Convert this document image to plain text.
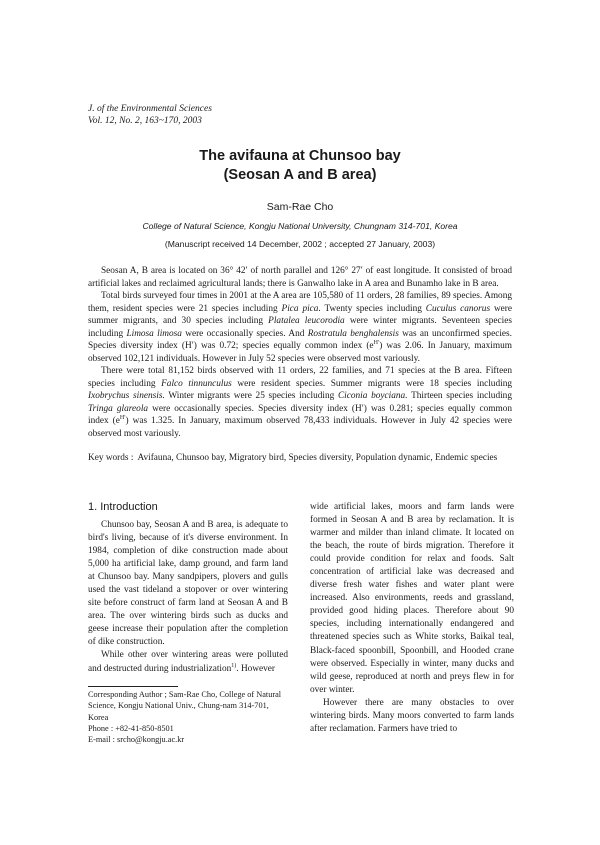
J. of the Environmental Sciences
Vol. 12, No. 2, 163~170, 2003
The avifauna at Chunsoo bay
(Seosan A and B area)
Sam-Rae Cho
College of Natural Science, Kongju National University, Chungnam 314-701, Korea
(Manuscript received 14 December, 2002 ; accepted 27 January, 2003)

Seosan A, B area is located on 36° 42′ of north parallel and 126° 27′ of east longitude. It consisted of broad artificial lakes and reclaimed agricultural lands; there is Ganwalho lake in A area and Bunamho lake in B area.

Total birds surveyed four times in 2001 at the A area are 105,580 of 11 orders, 28 families, 89 species. Among them, resident species were 21 species including Pica pica. Twenty species including Cuculus canorus were summer migrants, and 30 species including Platalea leucorodia were winter migrants. Seventeen species including Limosa limosa were occasionally species. And Rostratula benghalensis was an unconfirmed species. Species diversity index (H′) was 0.72; species equally common index $(e^{H'})$ was 2.06. In January, maximum observed 102,121 individuals. However in July 52 species were observed most variously.

There were total 81,152 birds observed with 11 orders, 22 families, and 71 species at the B area. Fifteen species including Falco tinnunculus were resident species. Summer migrants were 18 species including Ixobrychus sinensis. Winter migrants were 25 species including Ciconia boyciana. Thirteen species including Tringa glareola were occasionally species. Species diversity index (H′) was 0.281; species equally common index $(e^{H'})$ was 1.325. In January, maximum observed 78,433 individuals. However in July 42 species were observed most variously.

Key words : Avifauna, Chunsoo bay, Migratory bird, Species diversity, Population dynamic, Endemic species
1. Introduction

Chunsoo bay, Seosan A and B area, is adequate to bird's living, because of it's diverse environment. In 1984, completion of dike construction made about 5,000 ha artificial lake, damp ground, and farm land at Chunsoo bay. Many sandpipers, plovers and gulls used the vast tideland a stopover or over wintering site before construct of farm land at Seosan A and B area. The over wintering birds such as ducks and geese increase their population after the completion of dike construction.

While other over wintering areas were polluted and destructed during industrialization$^{1)}$. However

Corresponding Author ; Sam-Rae Cho, College of Natural Science, Kongju National Univ., Chung-nam 314-701, Korea
Phone : +82-41-850-8501
E-mail : srcho@kongju.ac.kr

wide artificial lakes, moors and farm lands were formed in Seosan A and B area by reclamation. It is warmer and milder than inland climate. It located on the beach, the route of birds migration. Therefore it could provide condition for relax and foods. Salt concentration of artificial lake was decreased and diverse fresh water fishes and water plant were increased. Also environments, reeds and grassland, provided good hiding places. Therefore about 90 species, including internationally endangered and threatened species such as White storks, Baikal teal, Black-faced spoonbill, Spoonbill, and Hooded crane were observed. Especially in winter, many ducks and wild geese, reproduced at north and preys flew in for over winter.

However there are many obstacles to over wintering birds. Many moors converted to farm lands after reclamation. Farmers have tried to
